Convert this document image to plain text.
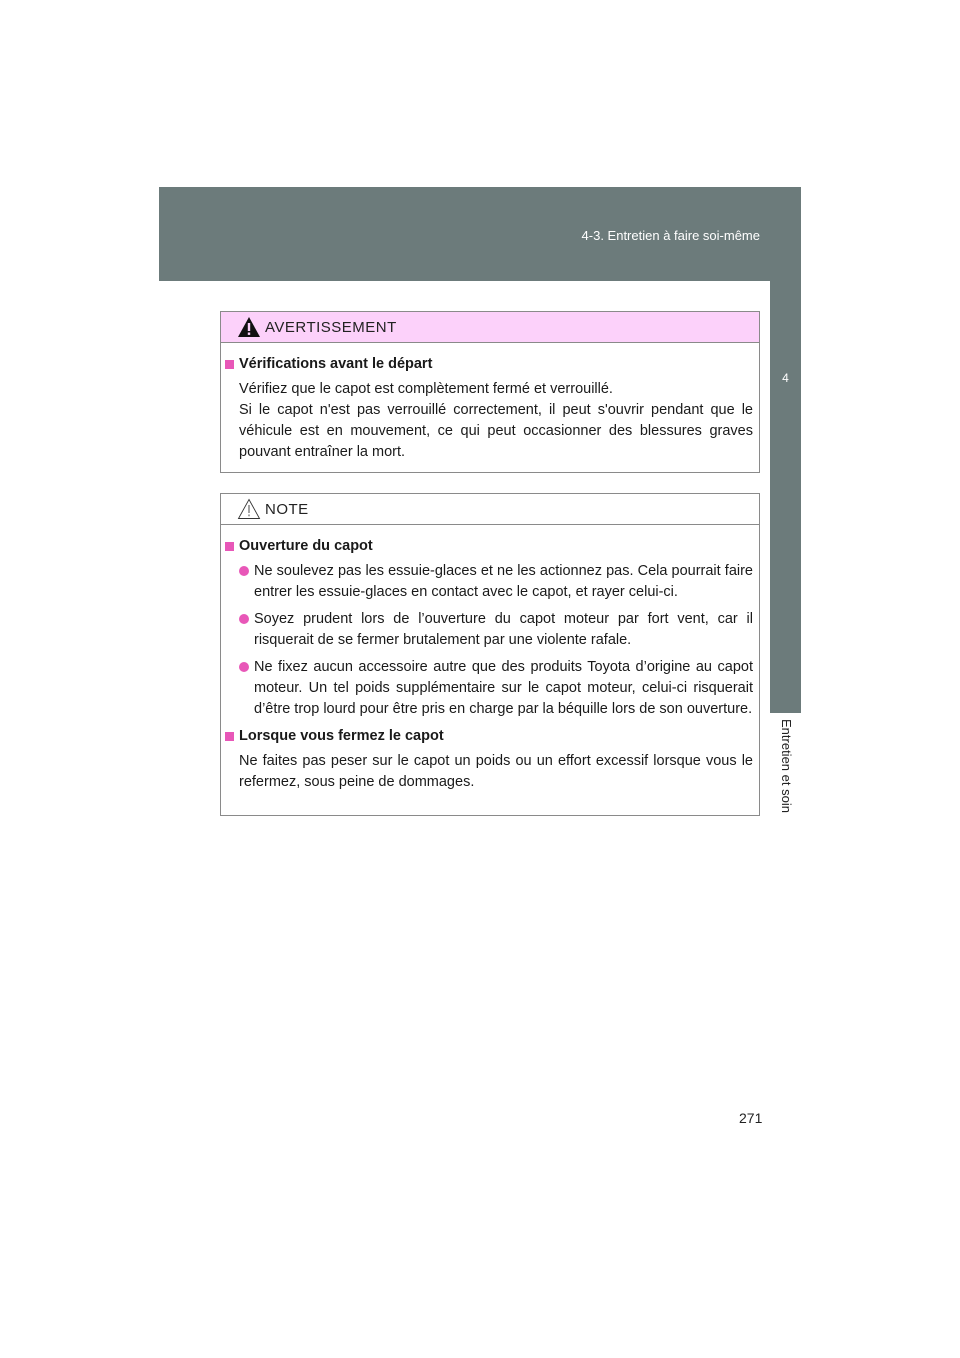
4-3. Entretien à faire soi-même
4
Entretien et soin
AVERTISSEMENT
Vérifications avant le départ
Vérifiez que le capot est complètement fermé et verrouillé.
Si le capot n'est pas verrouillé correctement, il peut s'ouvrir pendant que le véhicule est en mouvement, ce qui peut occasionner des blessures graves pouvant entraîner la mort.
NOTE
Ouverture du capot
Ne soulevez pas les essuie-glaces et ne les actionnez pas. Cela pourrait faire entrer les essuie-glaces en contact avec le capot, et rayer celui-ci.
Soyez prudent lors de l’ouverture du capot moteur par fort vent, car il risquerait de se fermer brutalement par une violente rafale.
Ne fixez aucun accessoire autre que des produits Toyota d’origine au capot moteur. Un tel poids supplémentaire sur le capot moteur, celui-ci risquerait d’être trop lourd pour être pris en charge par la béquille lors de son ouverture.
Lorsque vous fermez le capot
Ne faites pas peser sur le capot un poids ou un effort excessif lorsque vous le refermez, sous peine de dommages.
271
